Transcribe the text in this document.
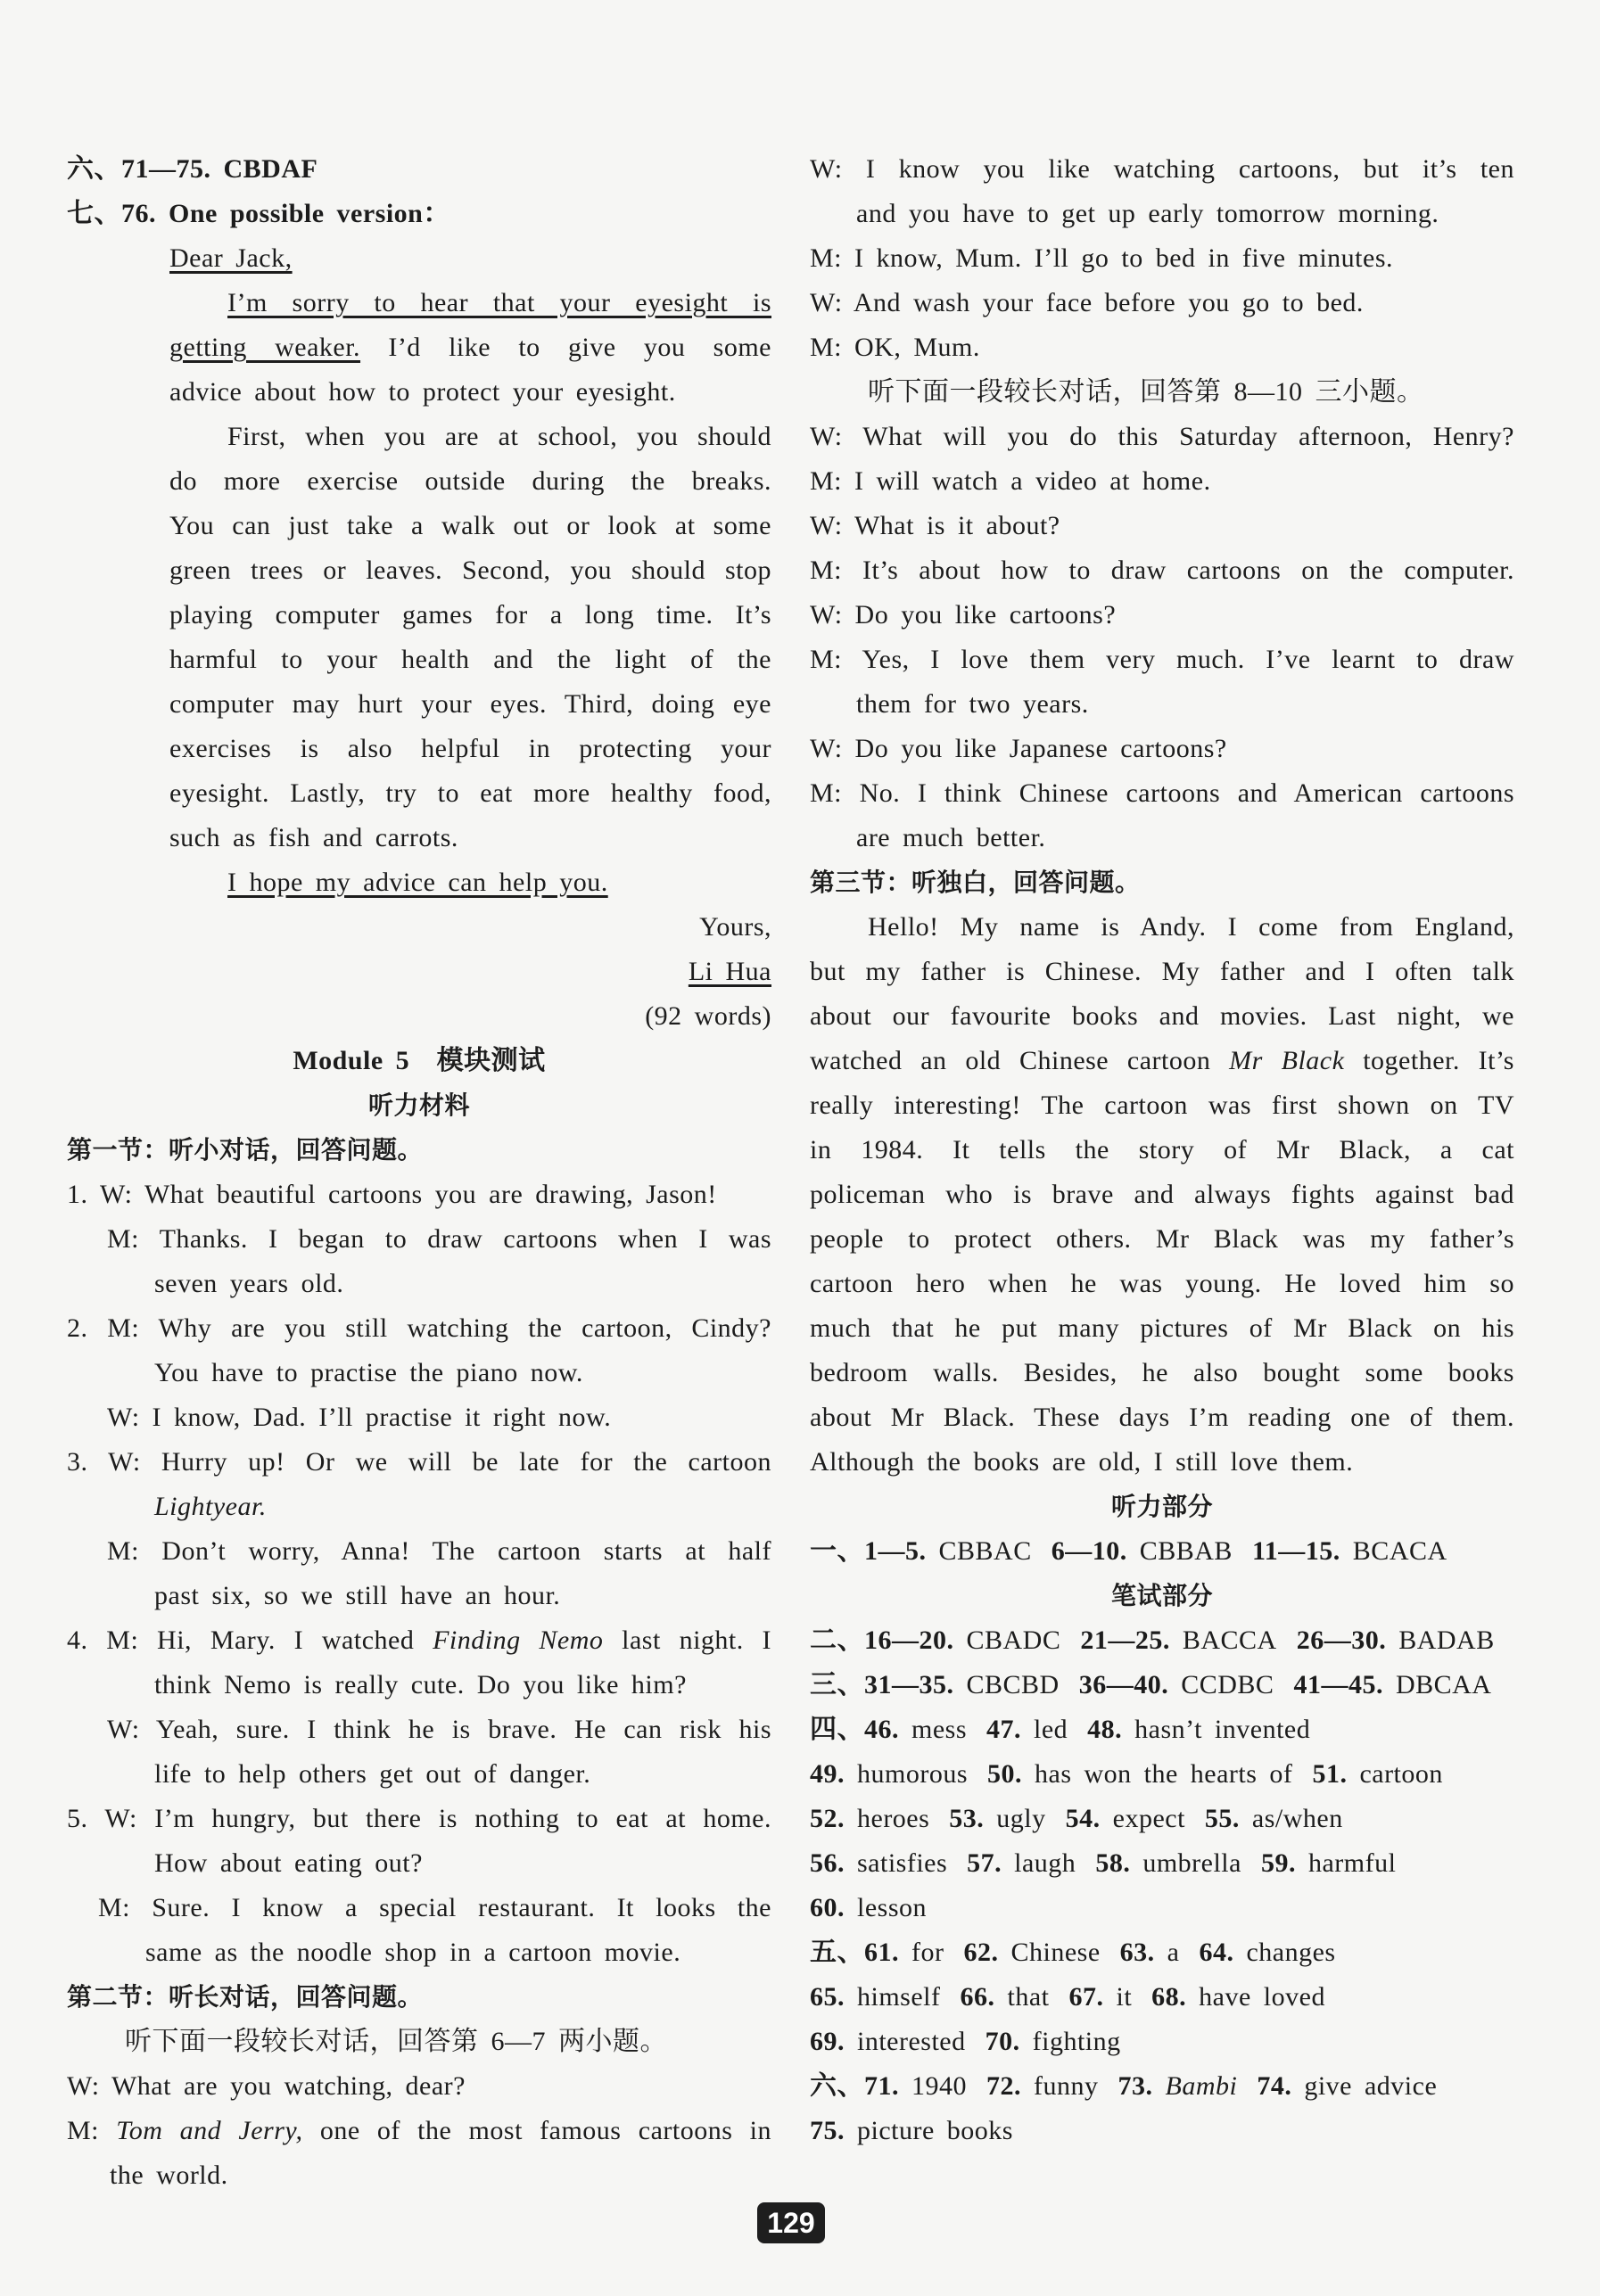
六、71—75. CBDAF
七、76. One possible version：
Dear Jack,
I’m sorry to hear that your eyesight is
getting weaker. I’d like to give you some
advice about how to protect your eyesight.
First, when you are at school, you should
do more exercise outside during the breaks.
You can just take a walk out or look at some
green trees or leaves. Second, you should stop
playing computer games for a long time. It’s
harmful to your health and the light of the
computer may hurt your eyes. Third, doing eye
exercises is also helpful in protecting your
eyesight. Lastly, try to eat more healthy food,
such as fish and carrots.
I hope my advice can help you.
Yours,
Li Hua
(92 words)
Module 5　模块测试
听力材料
第一节：听小对话，回答问题。
1. W: What beautiful cartoons you are drawing, Jason!
M: Thanks. I began to draw cartoons when I was
seven years old.
2. M: Why are you still watching the cartoon, Cindy?
You have to practise the piano now.
W: I know, Dad. I’ll practise it right now.
3. W: Hurry up! Or we will be late for the cartoon
Lightyear.
M: Don’t worry, Anna! The cartoon starts at half
past six, so we still have an hour.
4. M: Hi, Mary. I watched Finding Nemo last night. I
think Nemo is really cute. Do you like him?
W: Yeah, sure. I think he is brave. He can risk his
life to help others get out of danger.
5. W: I’m hungry, but there is nothing to eat at home.
How about eating out?
M: Sure. I know a special restaurant. It looks the
same as the noodle shop in a cartoon movie.
第二节：听长对话，回答问题。
听下面一段较长对话，回答第 6—7 两小题。
W: What are you watching, dear?
M: Tom and Jerry, one of the most famous cartoons in
the world.
W: I know you like watching cartoons, but it’s ten
and you have to get up early tomorrow morning.
M: I know, Mum. I’ll go to bed in five minutes.
W: And wash your face before you go to bed.
M: OK, Mum.
听下面一段较长对话，回答第 8—10 三小题。
W: What will you do this Saturday afternoon, Henry?
M: I will watch a video at home.
W: What is it about?
M: It’s about how to draw cartoons on the computer.
W: Do you like cartoons?
M: Yes, I love them very much. I’ve learnt to draw
them for two years.
W: Do you like Japanese cartoons?
M: No. I think Chinese cartoons and American cartoons
are much better.
第三节：听独白，回答问题。
Hello! My name is Andy. I come from England,
but my father is Chinese. My father and I often talk
about our favourite books and movies. Last night, we
watched an old Chinese cartoon Mr Black together. It’s
really interesting! The cartoon was first shown on TV
in 1984. It tells the story of Mr Black, a cat
policeman who is brave and always fights against bad
people to protect others. Mr Black was my father’s
cartoon hero when he was young. He loved him so
much that he put many pictures of Mr Black on his
bedroom walls. Besides, he also bought some books
about Mr Black. These days I’m reading one of them.
Although the books are old, I still love them.
听力部分
一、1—5. CBBAC 6—10. CBBAB 11—15. BCACA
笔试部分
二、16—20. CBADC 21—25. BACCA 26—30. BADAB
三、31—35. CBCBD 36—40. CCDBC 41—45. DBCAA
四、46. mess 47. led 48. hasn’t invented
49. humorous 50. has won the hearts of 51. cartoon
52. heroes 53. ugly 54. expect 55. as/when
56. satisfies 57. laugh 58. umbrella 59. harmful
60. lesson
五、61. for 62. Chinese 63. a 64. changes
65. himself 66. that 67. it 68. have loved
69. interested 70. fighting
六、71. 1940 72. funny 73. Bambi 74. give advice
75. picture books
129
